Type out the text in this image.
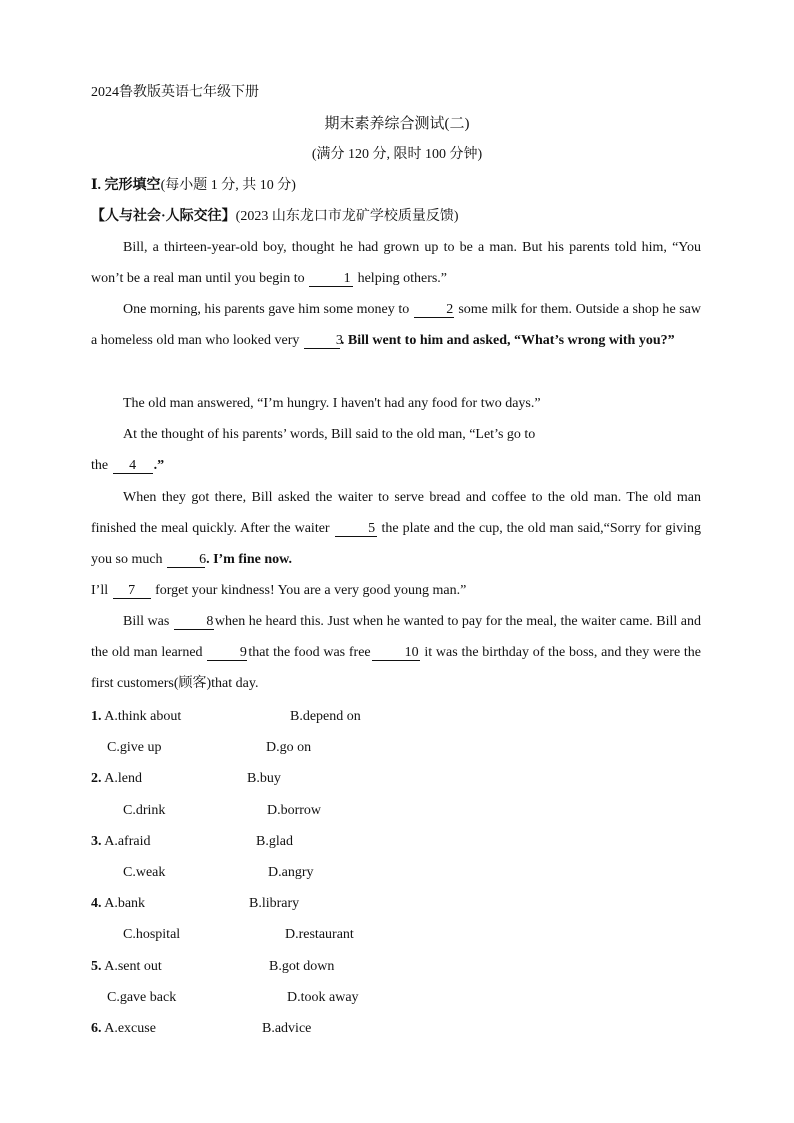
2024鲁教版英语七年级下册
期末素养综合测试(二)
(满分 120 分, 限时 100 分钟)
Ⅰ. 完形填空(每小题 1 分, 共 10 分)
【人与社会·人际交往】(2023 山东龙口市龙矿学校质量反馈)
Bill, a thirteen-year-old boy, thought he had grown up to be a man. But his parents told him, “You won’t be a real man until you begin to	1 helping others.”
One morning, his parents gave him some money to	2 some milk for them. Outside a shop he saw a homeless old man who looked very	3. Bill went to him and asked, “What’s wrong with you?”
The old man answered, “I’m hungry. I haven't had any food for two days.”
At the thought of his parents’ words, Bill said to the old man, “Let’s go to
the 4 .”
When they got there, Bill asked the waiter to serve bread and coffee to the old man. The old man finished the meal quickly. After the waiter	5 the plate and the cup, the old man said,“Sorry for giving you so much	6. I’m fine now.
I’ll 7 forget your kindness! You are a very good young man.”
Bill was	8 when he heard this. Just when he wanted to pay for the meal, the waiter came. Bill and the old man learned	9 that the food was free 10 it was the birthday of the boss, and they were the first customers(顾客)that day.
1. A.think about	B.depend on
C.give up	D.go on
2. A.lend	B.buy
C.drink	D.borrow
3. A.afraid	B.glad
C.weak	D.angry
4. A.bank	B.library
C.hospital	D.restaurant
5. A.sent out	B.got down
C.gave back	D.took away
6. A.excuse	B.advice
